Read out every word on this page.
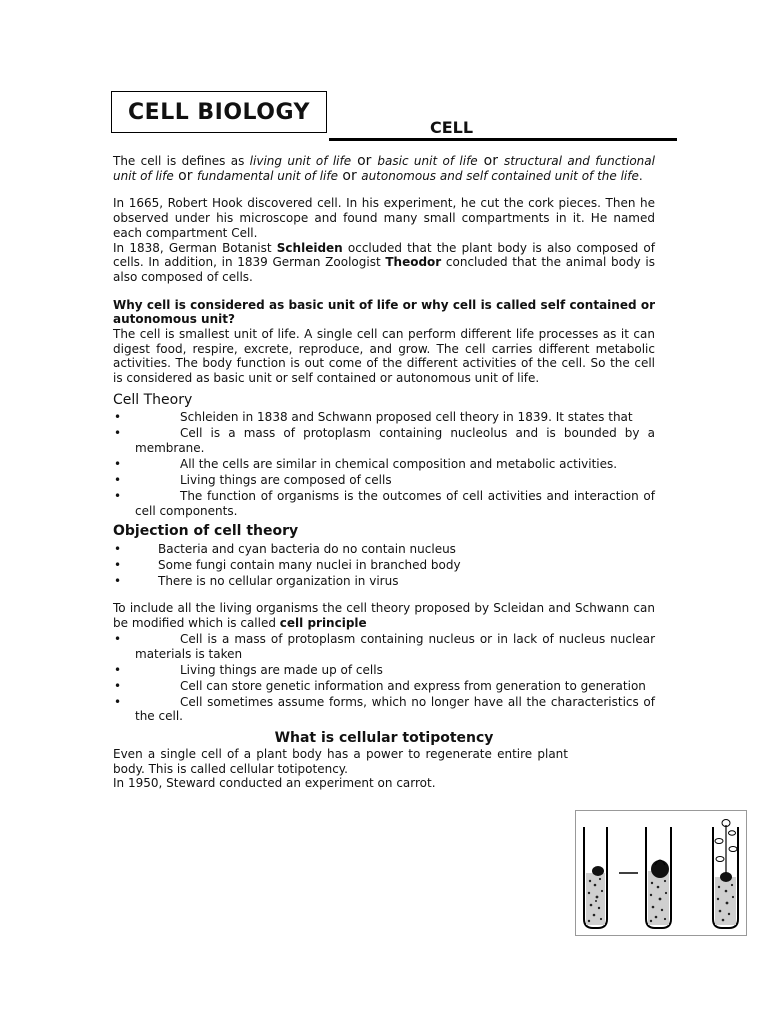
CELL BIOLOGY
CELL

The cell is defines as living unit of life or basic unit of life or structural and functional unit of life or fundamental unit of life or autonomous and self contained unit of the life.

In 1665, Robert Hook discovered cell. In his experiment, he cut the cork pieces. Then he observed under his microscope and found many small compartments in it. He named each compartment Cell.

In 1838, German Botanist Schleiden occluded that the plant body is also composed of cells. In addition, in 1839 German Zoologist Theodor concluded that the animal body is also composed of cells.

Why cell is considered as basic unit of life or why cell is called self contained or autonomous unit?

The cell is smallest unit of life. A single cell can perform different life processes as it can digest food, respire, excrete, reproduce, and grow. The cell carries different metabolic activities. The body function is out come of the different activities of the cell. So the cell is considered as basic unit or self contained or autonomous unit of life.

Cell Theory
• Schleiden in 1838 and Schwann proposed cell theory in 1839. It states that
• Cell is a mass of protoplasm containing nucleolus and is bounded by a membrane.
• All the cells are similar in chemical composition and metabolic activities.
• Living things are composed of cells
• The function of organisms is the outcomes of cell activities and interaction of cell components.
Objection of cell theory
• Bacteria and cyan bacteria do no contain nucleus
• Some fungi contain many nuclei in branched body
• There is no cellular organization in virus

To include all the living organisms the cell theory proposed by Scleidan and Schwann can be modified which is called cell principle

• Cell is a mass of protoplasm containing nucleus or in lack of nucleus nuclear materials is taken
• Living things are made up of cells
• Cell can store genetic information and express from generation to generation
• Cell sometimes assume forms, which no longer have all the characteristics of the cell.
What is cellular totipotency

Even a single cell of a plant body has a power to regenerate entire plant body. This is called cellular totipotency.

In 1950, Steward conducted an experiment on carrot.
